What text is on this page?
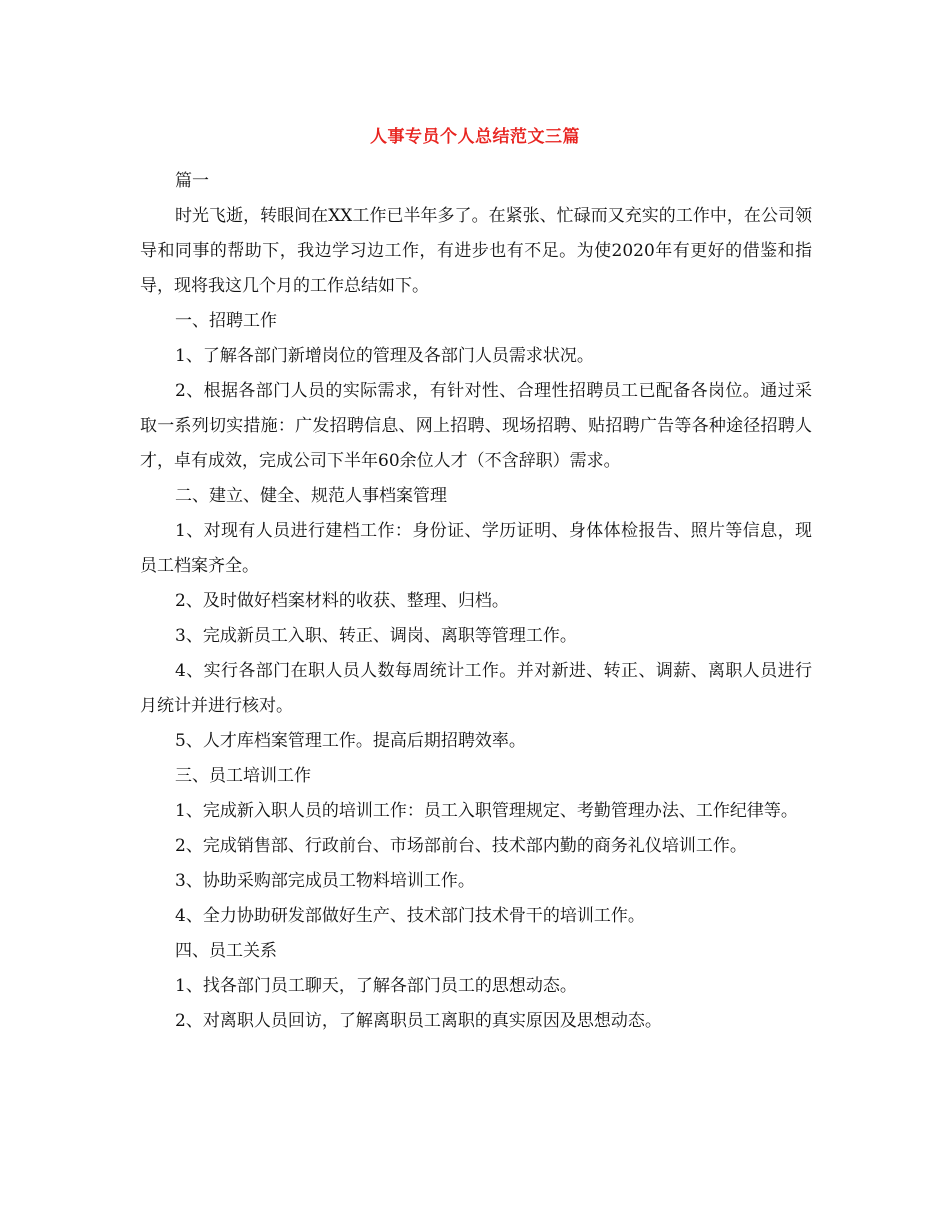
人事专员个人总结范文三篇

篇一

时光飞逝，转眼间在XX工作已半年多了。在紧张、忙碌而又充实的工作中，在公司领导和同事的帮助下，我边学习边工作，有进步也有不足。为使2020年有更好的借鉴和指导，现将我这几个月的工作总结如下。

一、招聘工作

1、了解各部门新增岗位的管理及各部门人员需求状况。

2、根据各部门人员的实际需求，有针对性、合理性招聘员工已配备各岗位。通过采取一系列切实措施：广发招聘信息、网上招聘、现场招聘、贴招聘广告等各种途径招聘人才，卓有成效，完成公司下半年60余位人才（不含辞职）需求。

二、建立、健全、规范人事档案管理

1、对现有人员进行建档工作：身份证、学历证明、身体体检报告、照片等信息，现员工档案齐全。

2、及时做好档案材料的收获、整理、归档。

3、完成新员工入职、转正、调岗、离职等管理工作。

4、实行各部门在职人员人数每周统计工作。并对新进、转正、调薪、离职人员进行月统计并进行核对。

5、人才库档案管理工作。提高后期招聘效率。

三、员工培训工作

1、完成新入职人员的培训工作：员工入职管理规定、考勤管理办法、工作纪律等。

2、完成销售部、行政前台、市场部前台、技术部内勤的商务礼仪培训工作。

3、协助采购部完成员工物料培训工作。

4、全力协助研发部做好生产、技术部门技术骨干的培训工作。

四、员工关系

1、找各部门员工聊天，了解各部门员工的思想动态。

2、对离职人员回访，了解离职员工离职的真实原因及思想动态。
